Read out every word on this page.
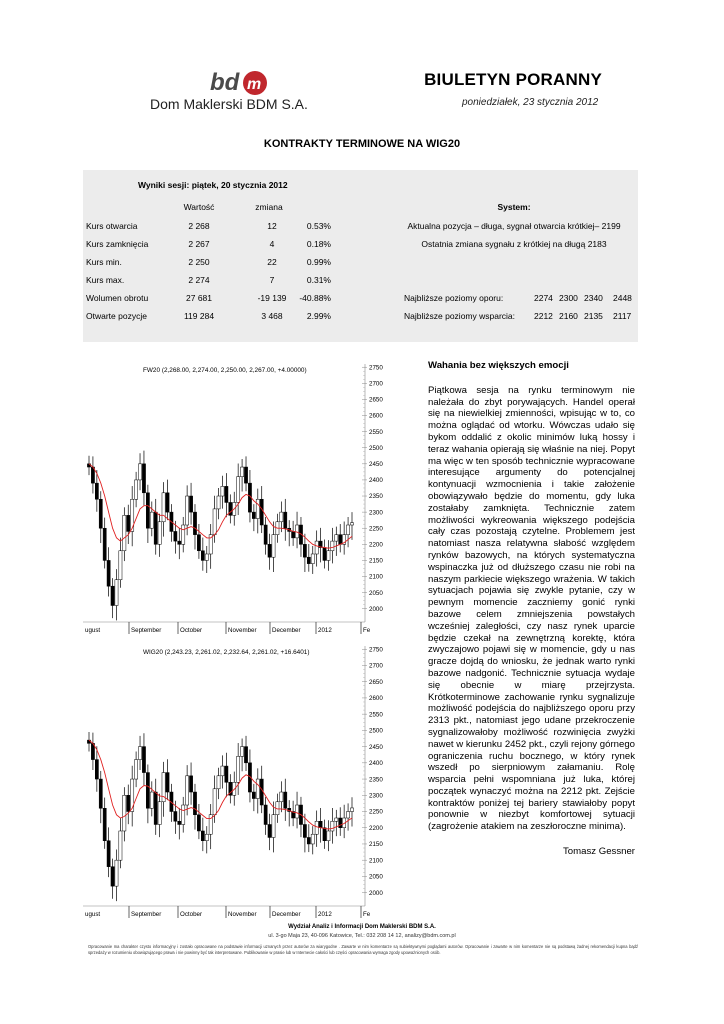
bd m
Dom Maklerski BDM S.A.
BIULETYN PORANNY
poniedziałek, 23 stycznia 2012
KONTRAKTY TERMINOWE NA WIG20
Wyniki sesji: piątek, 20 stycznia 2012
Wartość	zmiana	System:
Kurs otwarcia	2 268	12	0.53%
Kurs zamknięcia	2 267	4	0.18%
Kurs min.	2 250	22	0.99%
Kurs max.	2 274	7	0.31%
Wolumen obrotu	27 681	-19 139 -40.88%
Otwarte pozycje	119 284	3 468	2.99%
Aktualna pozycja – długa, sygnał otwarcia krótkiej– 2199
Ostatnia zmiana sygnału z krótkiej na długą 2183
Najbliższe poziomy oporu:	2274 2300 2340 2448
Najbliższe poziomy wsparcia: 2212 2160 2135 2117
FW20 (2,268.00, 2,274.00, 2,250.00, 2,267.00, +4.00000)
2000
2050
2100
2150
2200
2250
2300
2350
2400
2450
2500
2550
2600
2650
2700
2750
ugust	September	October	November December	2012	Fe
WIG20 (2,243.23, 2,261.02, 2,232.64, 2,261.02, +16.6401)
2000
2050
2100
2150
2200
2250
2300
2350
2400
2450
2500
2550
2600
2650
2700
2750
ugust	September	October	November December	2012	Fe

Wahania bez większych emocji

Piątkowa sesja na rynku terminowym nie należała do zbyt porywających. Handel operał się na niewielkiej zmienności, wpisując w to, co można oglądać od wtorku. Wówczas udało się bykom oddalić z okolic minimów luką hossy i teraz wahania opierają się właśnie na niej. Popyt ma więc w ten sposób technicznie wypracowane interesujące argumenty do potencjalnej kontynuacji wzmocnienia i takie założenie obowiązywało będzie do momentu, gdy luka zostałaby zamknięta. Technicznie zatem możliwości wykreowania większego podejścia cały czas pozostają czytelne. Problemem jest natomiast nasza relatywna słabość względem rynków bazowych, na których systematyczna wspinaczka już od dłuższego czasu nie robi na naszym parkiecie większego wrażenia. W takich sytuacjach pojawia się zwykle pytanie, czy w pewnym momencie zaczniemy gonić rynki bazowe celem zmniejszenia powstałych wcześniej zaległości, czy nasz rynek uparcie będzie czekał na zewnętrzną korektę, która zwyczajowo pojawi się w momencie, gdy u nas gracze dojdą do wniosku, że jednak warto rynki bazowe nadgonić. Technicznie sytuacja wydaje się obecnie w miarę przejrzysta. Krótkoterminowe zachowanie rynku sygnalizuje możliwość podejścia do najbliższego oporu przy 2313 pkt., natomiast jego udane przekroczenie sygnalizowałoby możliwość rozwinięcia zwyżki nawet w kierunku 2452 pkt., czyli rejony górnego ograniczenia ruchu bocznego, w który rynek wszedł po sierpniowym załamaniu. Rolę wsparcia pełni wspomniana już luka, której początek wynaczyć można na 2212 pkt. Zejście kontraktów poniżej tej bariery stawiałoby popyt ponownie w niezbyt komfortowej sytuacji (zagrożenie atakiem na zeszłoroczne minima).

Tomasz Gessner
Wydział Analiz i Informacji Dom Maklerski BDM S.A.
ul. 3-go Maja 23, 40-096 Katowice, Tel.: 032 208 14 12, analizy@bdm.com.pl
Opracowanie ma charakter czysto informacyjny i zostało opracowane na podstawie informacji uznanych przez autorów za wiarygodne . Zawarte w nim komentarze są subiektywnymi poglądami autorów. Opracowanie i zawarte w nim komentarze nie są podstawą żadnej rekomendacji kupna bądź sprzedaży w rozumieniu obowiązującego prawa i nie powinny być tak interpretowane. Publikowanie w prasie lub w Internecie całości lub części opracowania wymaga zgody upoważnionych osób.
